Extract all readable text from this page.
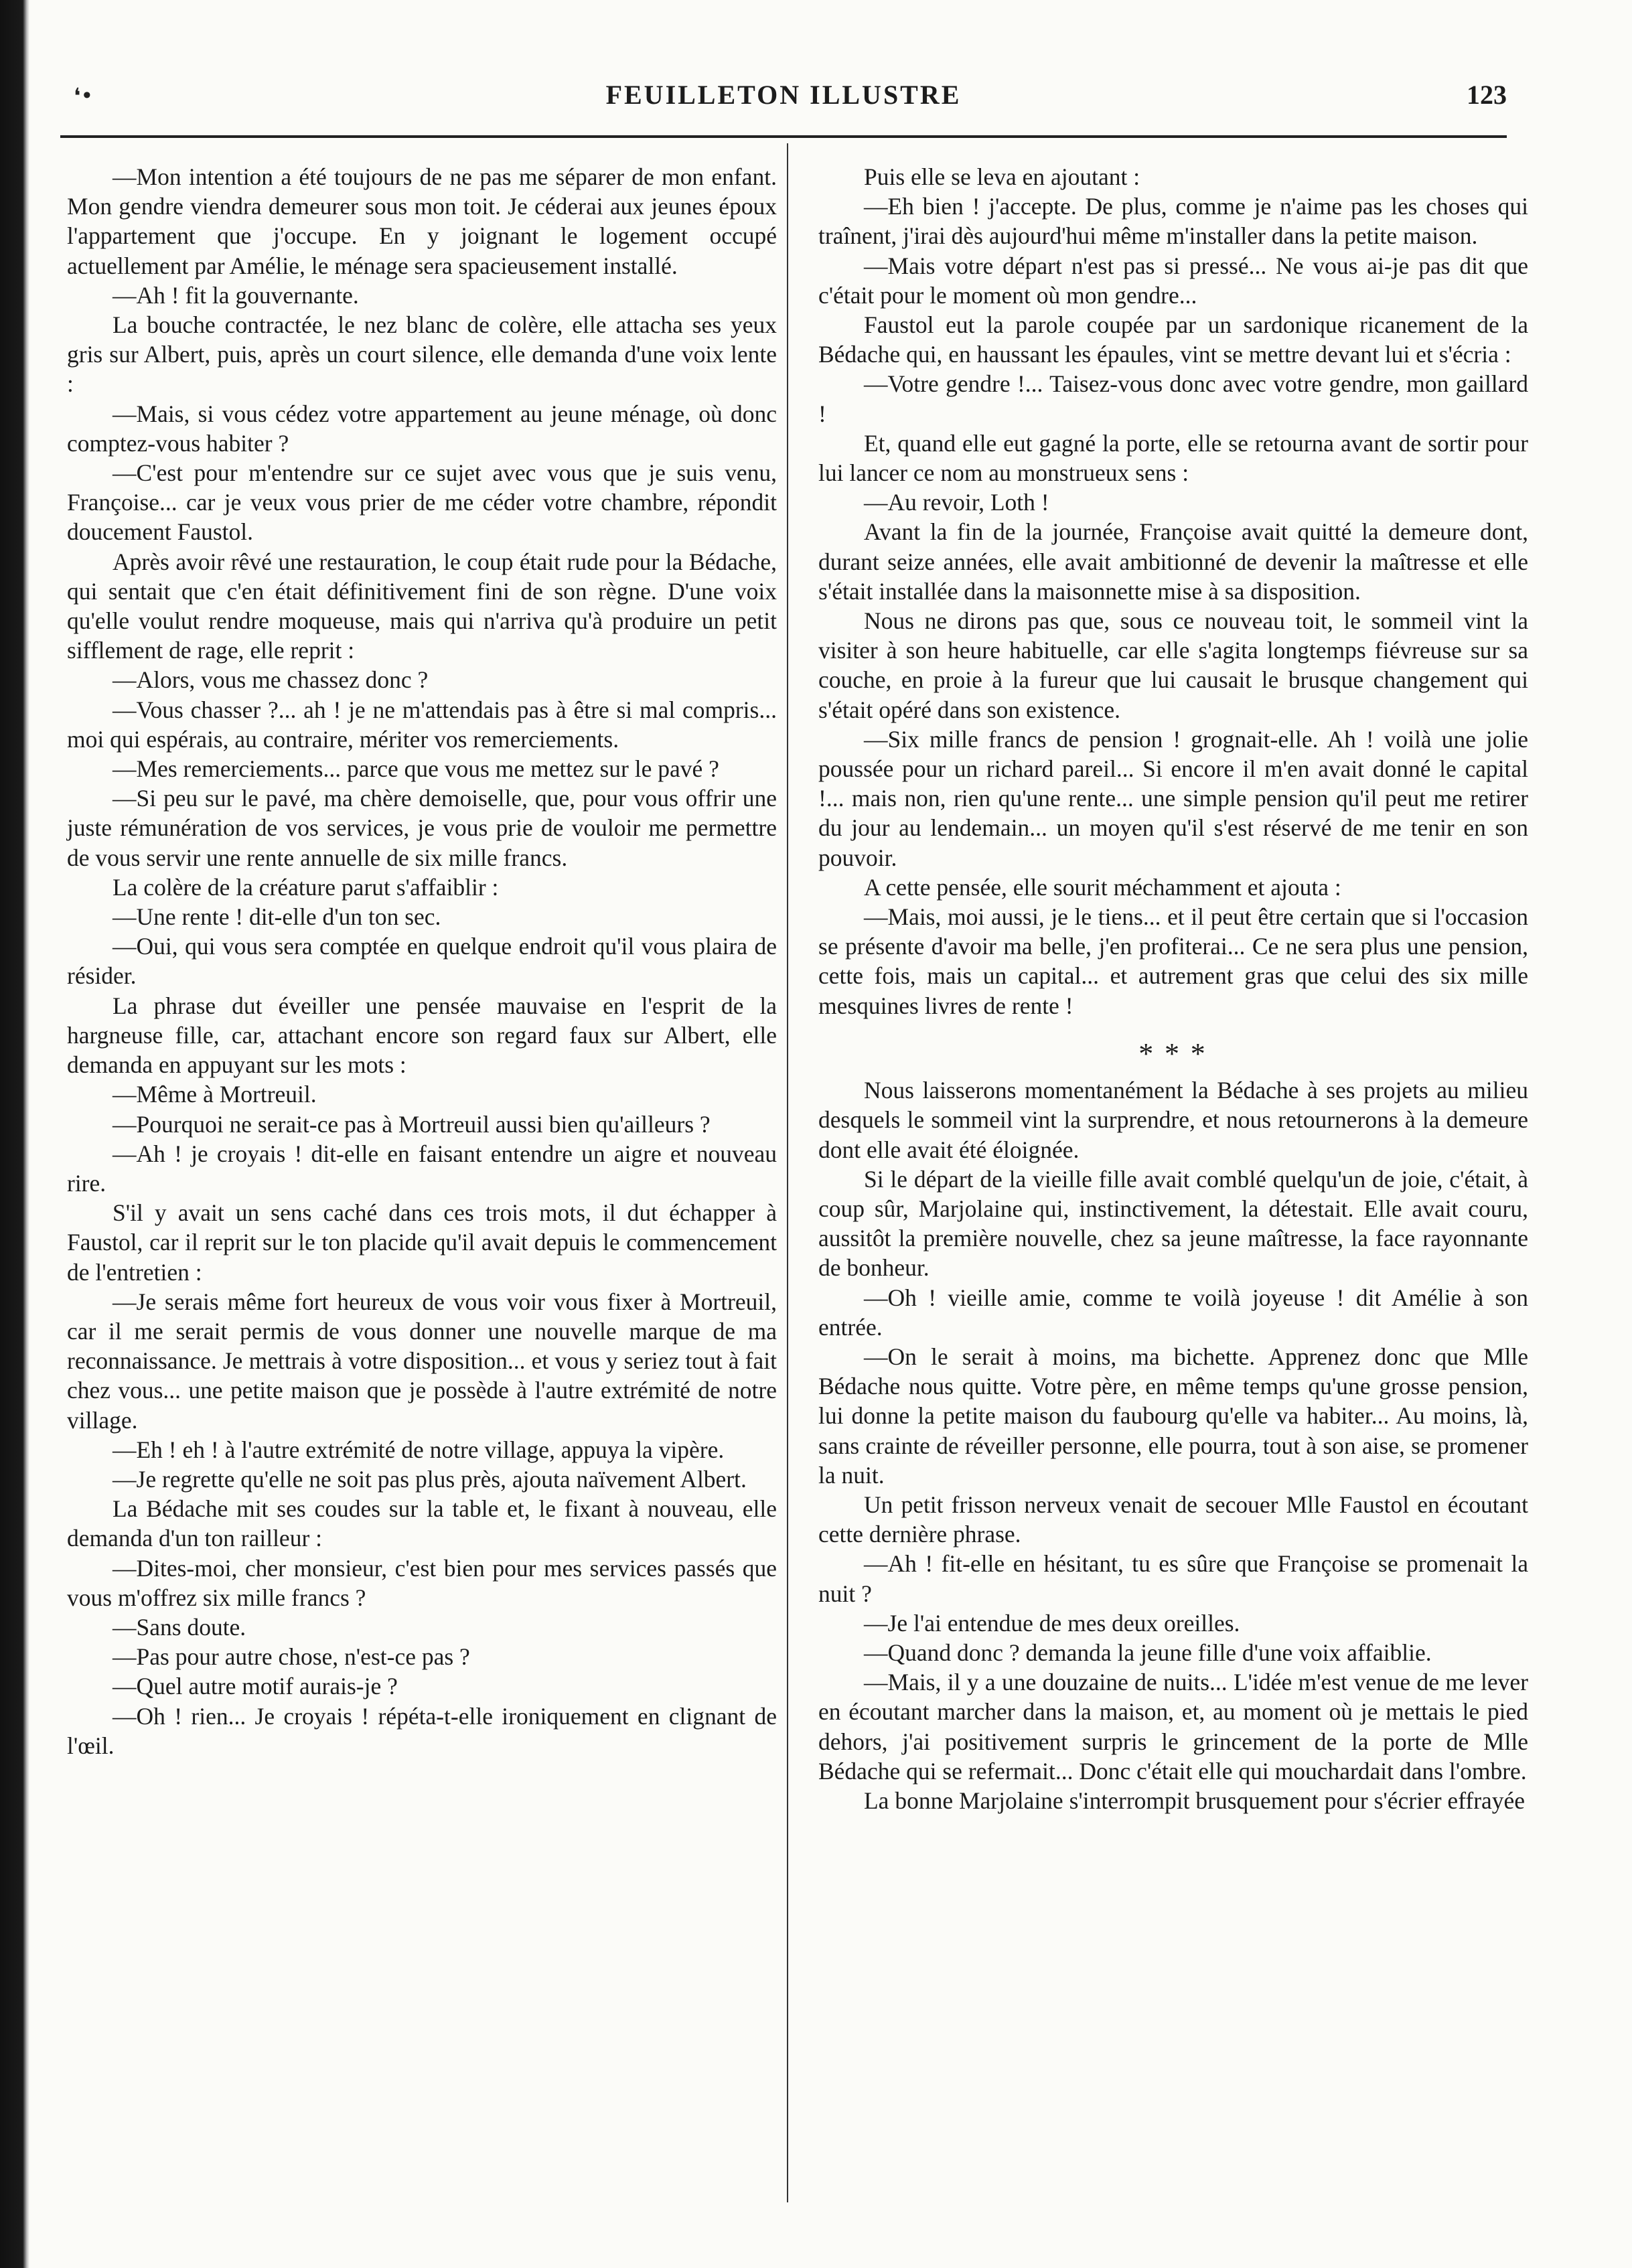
❛•	FEUILLETON ILLUSTRE	123

—Mon intention a été toujours de ne pas me séparer de mon enfant. Mon gendre viendra demeurer sous mon toit. Je céderai aux jeunes époux l'appartement que j'occupe. En y joignant le logement occupé actuellement par Amélie, le ménage sera spacieusement installé.

—Ah ! fit la gouvernante.

La bouche contractée, le nez blanc de colère, elle attacha ses yeux gris sur Albert, puis, après un court silence, elle demanda d'une voix lente :

—Mais, si vous cédez votre appartement au jeune ménage, où donc comptez-vous habiter ?

—C'est pour m'entendre sur ce sujet avec vous que je suis venu, Françoise... car je veux vous prier de me céder votre chambre, répondit doucement Faustol.

Après avoir rêvé une restauration, le coup était rude pour la Bédache, qui sentait que c'en était définitivement fini de son règne. D'une voix qu'elle voulut rendre moqueuse, mais qui n'arriva qu'à produire un petit sifflement de rage, elle reprit :

—Alors, vous me chassez donc ?

—Vous chasser ?... ah ! je ne m'attendais pas à être si mal compris... moi qui espérais, au contraire, mériter vos remerciements.

—Mes remerciements... parce que vous me mettez sur le pavé ?

—Si peu sur le pavé, ma chère demoiselle, que, pour vous offrir une juste rémunération de vos services, je vous prie de vouloir me permettre de vous servir une rente annuelle de six mille francs.

La colère de la créature parut s'affaiblir :

—Une rente ! dit-elle d'un ton sec.

—Oui, qui vous sera comptée en quelque endroit qu'il vous plaira de résider.

La phrase dut éveiller une pensée mauvaise en l'esprit de la hargneuse fille, car, attachant encore son regard faux sur Albert, elle demanda en appuyant sur les mots :

—Même à Mortreuil.

—Pourquoi ne serait-ce pas à Mortreuil aussi bien qu'ailleurs ?

—Ah ! je croyais ! dit-elle en faisant entendre un aigre et nouveau rire.

S'il y avait un sens caché dans ces trois mots, il dut échapper à Faustol, car il reprit sur le ton placide qu'il avait depuis le commencement de l'entretien :

—Je serais même fort heureux de vous voir vous fixer à Mortreuil, car il me serait permis de vous donner une nouvelle marque de ma reconnaissance. Je mettrais à votre disposition... et vous y seriez tout à fait chez vous... une petite maison que je possède à l'autre extrémité de notre village.

—Eh ! eh ! à l'autre extrémité de notre village, appuya la vipère.

—Je regrette qu'elle ne soit pas plus près, ajouta naïvement Albert.

La Bédache mit ses coudes sur la table et, le fixant à nouveau, elle demanda d'un ton railleur :

—Dites-moi, cher monsieur, c'est bien pour mes services passés que vous m'offrez six mille francs ?

—Sans doute.

—Pas pour autre chose, n'est-ce pas ?

—Quel autre motif aurais-je ?

—Oh ! rien... Je croyais ! répéta-t-elle ironiquement en clignant de l'œil.

Puis elle se leva en ajoutant :

—Eh bien ! j'accepte. De plus, comme je n'aime pas les choses qui traînent, j'irai dès aujourd'hui même m'installer dans la petite maison.

—Mais votre départ n'est pas si pressé... Ne vous ai-je pas dit que c'était pour le moment où mon gendre...

Faustol eut la parole coupée par un sardonique ricanement de la Bédache qui, en haussant les épaules, vint se mettre devant lui et s'écria :

—Votre gendre !... Taisez-vous donc avec votre gendre, mon gaillard !

Et, quand elle eut gagné la porte, elle se retourna avant de sortir pour lui lancer ce nom au monstrueux sens :

—Au revoir, Loth !

Avant la fin de la journée, Françoise avait quitté la demeure dont, durant seize années, elle avait ambitionné de devenir la maîtresse et elle s'était installée dans la maisonnette mise à sa disposition.

Nous ne dirons pas que, sous ce nouveau toit, le sommeil vint la visiter à son heure habituelle, car elle s'agita longtemps fiévreuse sur sa couche, en proie à la fureur que lui causait le brusque changement qui s'était opéré dans son existence.

—Six mille francs de pension ! grognait-elle. Ah ! voilà une jolie poussée pour un richard pareil... Si encore il m'en avait donné le capital !... mais non, rien qu'une rente... une simple pension qu'il peut me retirer du jour au lendemain... un moyen qu'il s'est réservé de me tenir en son pouvoir.

A cette pensée, elle sourit méchamment et ajouta :

—Mais, moi aussi, je le tiens... et il peut être certain que si l'occasion se présente d'avoir ma belle, j'en profiterai... Ce ne sera plus une pension, cette fois, mais un capital... et autrement gras que celui des six mille mesquines livres de rente !

* * *

Nous laisserons momentanément la Bédache à ses projets au milieu desquels le sommeil vint la surprendre, et nous retournerons à la demeure dont elle avait été éloignée.

Si le départ de la vieille fille avait comblé quelqu'un de joie, c'était, à coup sûr, Marjolaine qui, instinctivement, la détestait. Elle avait couru, aussitôt la première nouvelle, chez sa jeune maîtresse, la face rayonnante de bonheur.

—Oh ! vieille amie, comme te voilà joyeuse ! dit Amélie à son entrée.

—On le serait à moins, ma bichette. Apprenez donc que Mlle Bédache nous quitte. Votre père, en même temps qu'une grosse pension, lui donne la petite maison du faubourg qu'elle va habiter... Au moins, là, sans crainte de réveiller personne, elle pourra, tout à son aise, se promener la nuit.

Un petit frisson nerveux venait de secouer Mlle Faustol en écoutant cette dernière phrase.

—Ah ! fit-elle en hésitant, tu es sûre que Françoise se promenait la nuit ?

—Je l'ai entendue de mes deux oreilles.

—Quand donc ? demanda la jeune fille d'une voix affaiblie.

—Mais, il y a une douzaine de nuits... L'idée m'est venue de me lever en écoutant marcher dans la maison, et, au moment où je mettais le pied dehors, j'ai positivement surpris le grincement de la porte de Mlle Bédache qui se refermait... Donc c'était elle qui mouchardait dans l'ombre.

La bonne Marjolaine s'interrompit brusquement pour s'écrier effrayée
